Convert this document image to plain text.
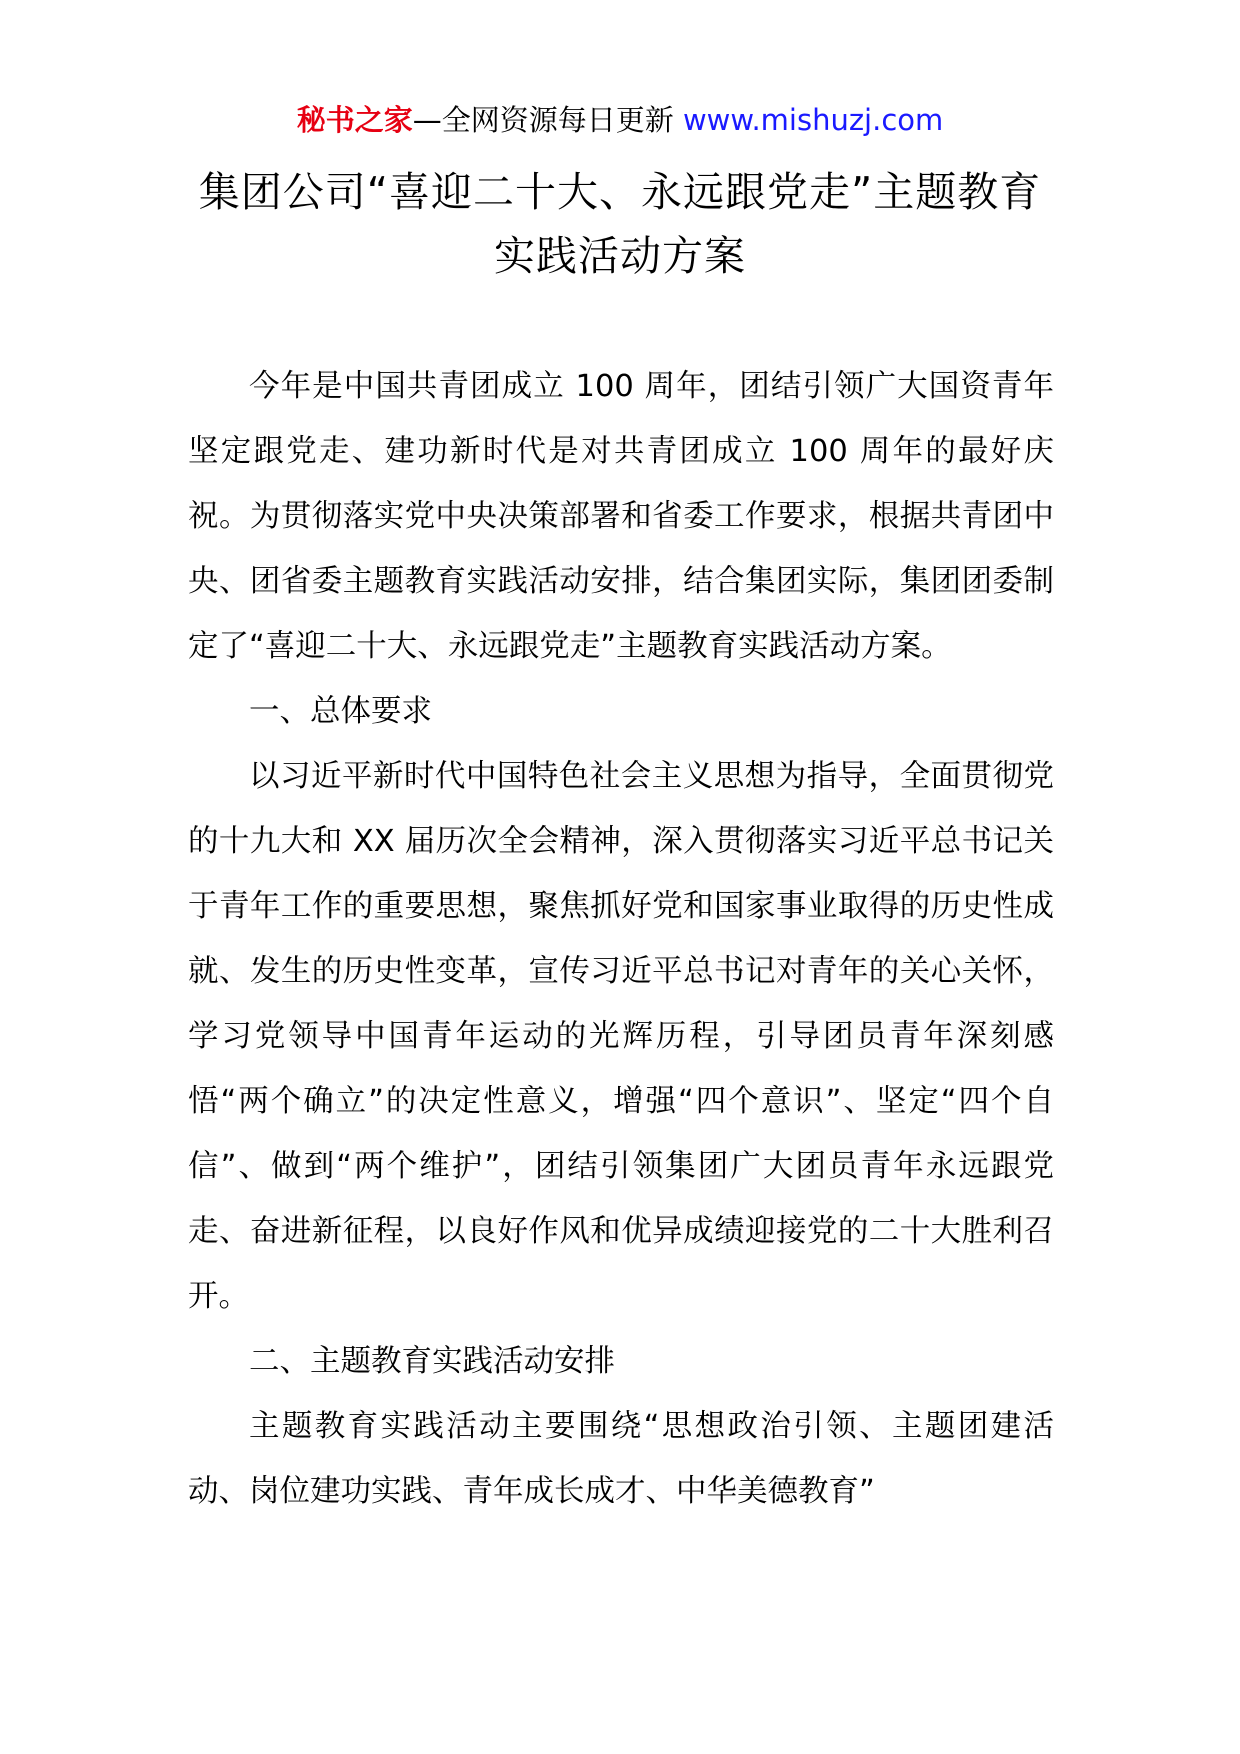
秘书之家—全网资源每日更新 www.mishuzj.com
集团公司“喜迎二十大、永远跟党走”主题教育实践活动方案

今年是中国共青团成立 100 周年，团结引领广大国资青年坚定跟党走、建功新时代是对共青团成立 100 周年的最好庆祝。为贯彻落实党中央决策部署和省委工作要求，根据共青团中央、团省委主题教育实践活动安排，结合集团实际，集团团委制定了“喜迎二十大、永远跟党走”主题教育实践活动方案。

一、总体要求

以习近平新时代中国特色社会主义思想为指导，全面贯彻党的十九大和 XX 届历次全会精神，深入贯彻落实习近平总书记关于青年工作的重要思想，聚焦抓好党和国家事业取得的历史性成就、发生的历史性变革，宣传习近平总书记对青年的关心关怀，学习党领导中国青年运动的光辉历程，引导团员青年深刻感悟“两个确立”的决定性意义，增强“四个意识”、坚定“四个自信”、做到“两个维护”，团结引领集团广大团员青年永远跟党走、奋进新征程，以良好作风和优异成绩迎接党的二十大胜利召开。

二、主题教育实践活动安排

主题教育实践活动主要围绕“思想政治引领、主题团建活动、岗位建功实践、青年成长成才、中华美德教育”
